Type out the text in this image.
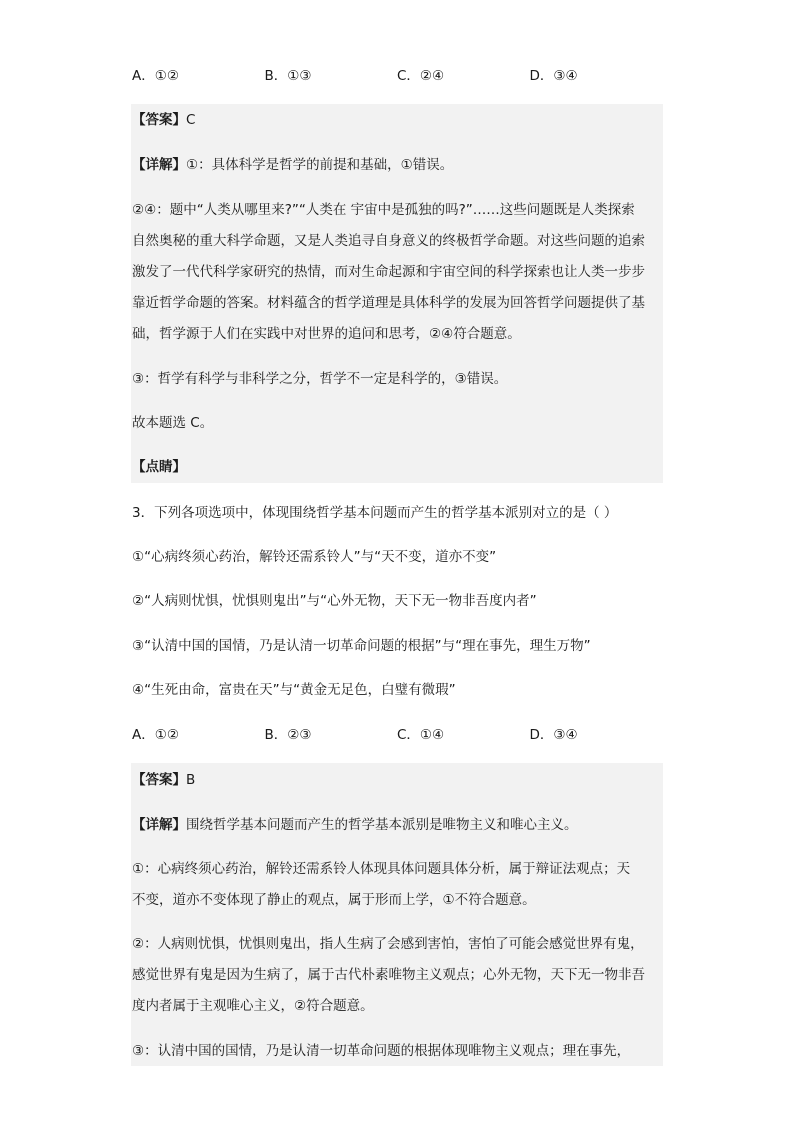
A．①②	B．①③	C．②④	D．③④
【答案】C
【详解】①：具体科学是哲学的前提和基础，①错误。
②④：题中“人类从哪里来?”“人类在 宇宙中是孤独的吗?”……这些问题既是人类探索
自然奥秘的重大科学命题，又是人类追寻自身意义的终极哲学命题。对这些问题的追索
激发了一代代科学家研究的热情，而对生命起源和宇宙空间的科学探索也让人类一步步
靠近哲学命题的答案。材料蕴含的哲学道理是具体科学的发展为回答哲学问题提供了基
础，哲学源于人们在实践中对世界的追问和思考，②④符合题意。
③：哲学有科学与非科学之分，哲学不一定是科学的，③错误。
故本题选 C。
【点睛】
3．下列各项选项中，体现围绕哲学基本问题而产生的哲学基本派别对立的是（ ）
①“心病终须心药治，解铃还需系铃人”与“天不变，道亦不变”
②“人病则忧惧，忧惧则鬼出”与“心外无物，天下无一物非吾度内者”
③“认清中国的国情，乃是认清一切革命问题的根据”与“理在事先，理生万物”
④“生死由命，富贵在天”与“黄金无足色，白璧有微瑕”
A．①②	B．②③	C．①④	D．③④
【答案】B
【详解】围绕哲学基本问题而产生的哲学基本派别是唯物主义和唯心主义。
①：心病终须心药治，解铃还需系铃人体现具体问题具体分析，属于辩证法观点；天
不变，道亦不变体现了静止的观点，属于形而上学，①不符合题意。
②：人病则忧惧，忧惧则鬼出，指人生病了会感到害怕，害怕了可能会感觉世界有鬼，
感觉世界有鬼是因为生病了，属于古代朴素唯物主义观点；心外无物，天下无一物非吾
度内者属于主观唯心主义，②符合题意。
③：认清中国的国情，乃是认清一切革命问题的根据体现唯物主义观点；理在事先，
